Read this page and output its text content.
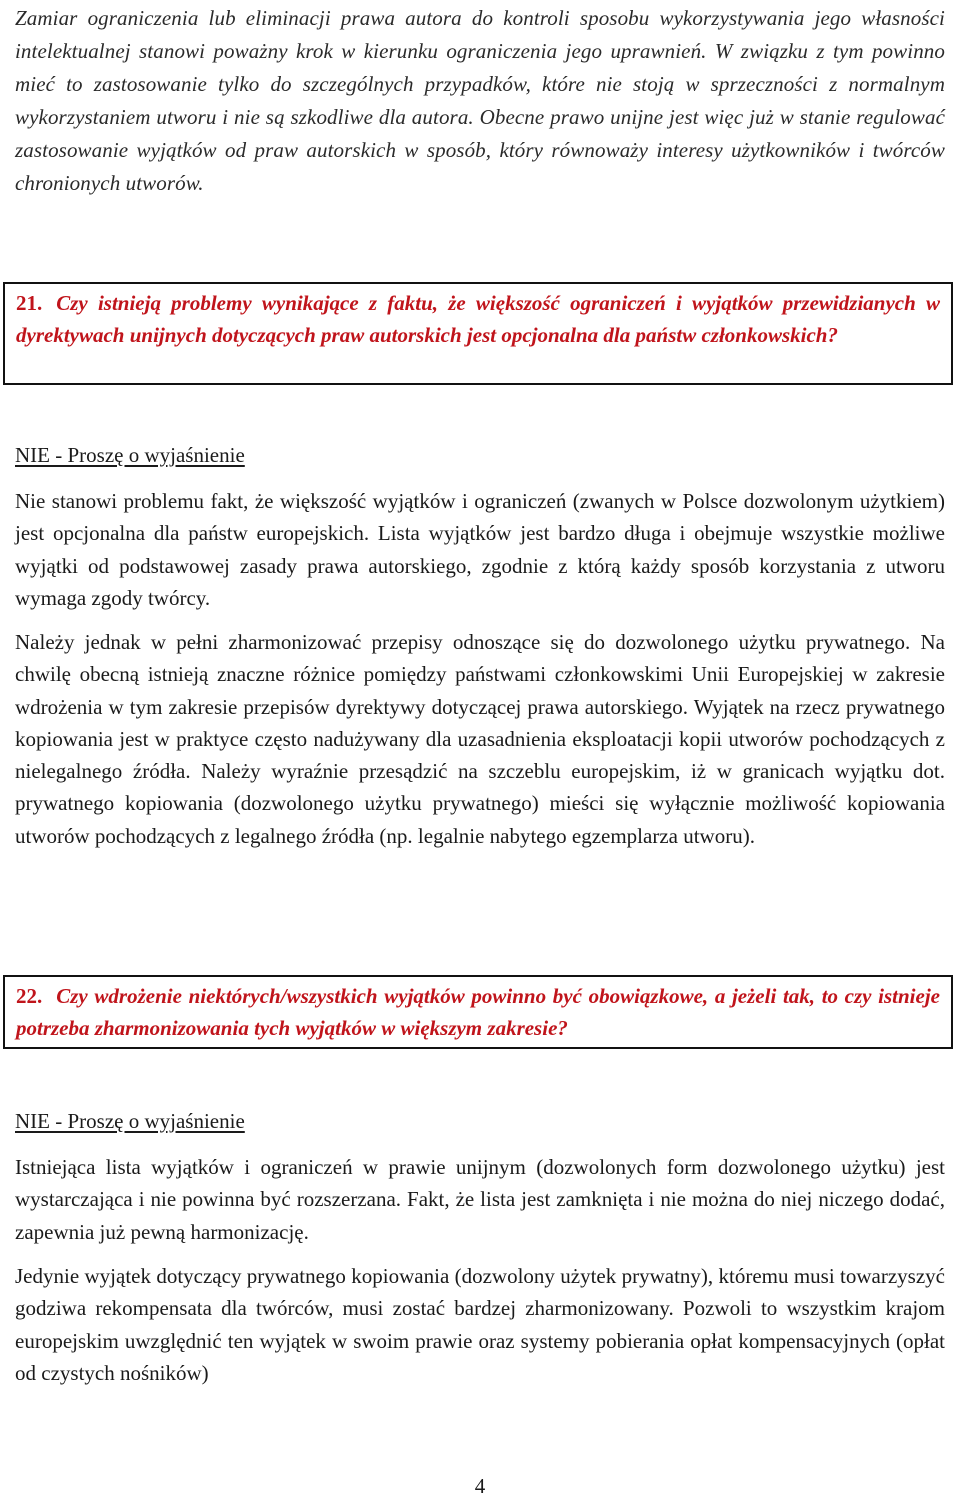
Zamiar ograniczenia lub eliminacji prawa autora do kontroli sposobu wykorzystywania jego własności intelektualnej stanowi poważny krok w kierunku ograniczenia jego uprawnień. W związku z tym powinno mieć to zastosowanie tylko do szczególnych przypadków, które nie stoją w sprzeczności z normalnym wykorzystaniem utworu i nie są szkodliwe dla autora. Obecne prawo unijne jest więc już w stanie regulować zastosowanie wyjątków od praw autorskich w sposób, który równoważy interesy użytkowników i twórców chronionych utworów.

21. Czy istnieją problemy wynikające z faktu, że większość ograniczeń i wyjątków przewidzianych w dyrektywach unijnych dotyczących praw autorskich jest opcjonalna dla państw członkowskich?
NIE - Proszę o wyjaśnienie

Nie stanowi problemu fakt, że większość wyjątków i ograniczeń (zwanych w Polsce dozwolonym użytkiem) jest opcjonalna dla państw europejskich. Lista wyjątków jest bardzo długa i obejmuje wszystkie możliwe wyjątki od podstawowej zasady prawa autorskiego, zgodnie z którą każdy sposób korzystania z utworu wymaga zgody twórcy.

Należy jednak w pełni zharmonizować przepisy odnoszące się do dozwolonego użytku prywatnego. Na chwilę obecną istnieją znaczne różnice pomiędzy państwami członkowskimi Unii Europejskiej w zakresie wdrożenia w tym zakresie przepisów dyrektywy dotyczącej prawa autorskiego. Wyjątek na rzecz prywatnego kopiowania jest w praktyce często nadużywany dla uzasadnienia eksploatacji kopii utworów pochodzących z nielegalnego źródła. Należy wyraźnie przesądzić na szczeblu europejskim, iż w granicach wyjątku dot. prywatnego kopiowania (dozwolonego użytku prywatnego) mieści się wyłącznie możliwość kopiowania utworów pochodzących z legalnego źródła (np. legalnie nabytego egzemplarza utworu).

22. Czy wdrożenie niektórych/wszystkich wyjątków powinno być obowiązkowe, a jeżeli tak, to czy istnieje potrzeba zharmonizowania tych wyjątków w większym zakresie?
NIE - Proszę o wyjaśnienie

Istniejąca lista wyjątków i ograniczeń w prawie unijnym (dozwolonych form dozwolonego użytku) jest wystarczająca i nie powinna być rozszerzana. Fakt, że lista jest zamknięta i nie można do niej niczego dodać, zapewnia już pewną harmonizację.

Jedynie wyjątek dotyczący prywatnego kopiowania (dozwolony użytek prywatny), któremu musi towarzyszyć godziwa rekompensata dla twórców, musi zostać bardzej zharmonizowany. Pozwoli to wszystkim krajom europejskim uwzględnić ten wyjątek w swoim prawie oraz systemy pobierania opłat kompensacyjnych (opłat od czystych nośników)

4
